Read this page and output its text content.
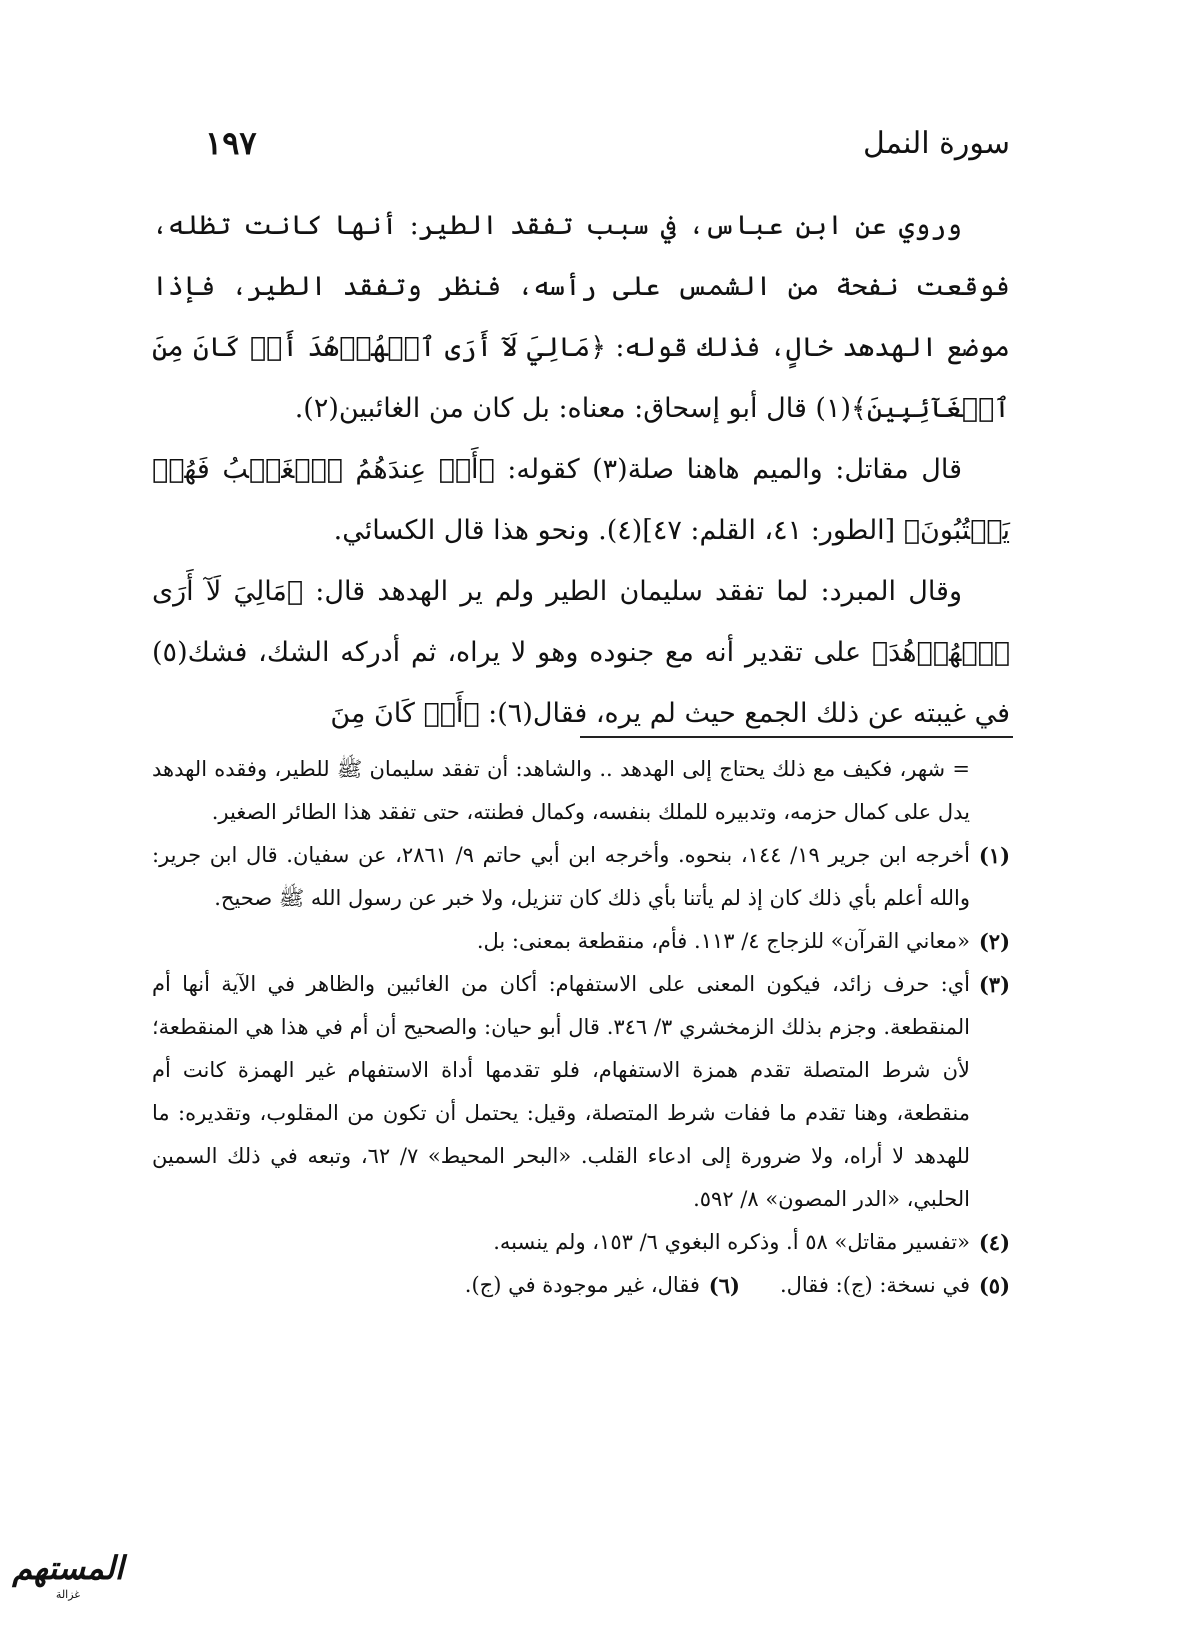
١٩٧	سورة النمل

وروي عن ابن عباس، في سبب تفقد الطير: أنها كانت تظله، فوقعت نفحة من الشمس على رأسه، فنظر وتفقد الطير، فإذا موضع الهدهد خالٍ، فذلك قوله: ﴿مَالِيَ لَآ أَرَى ٱلۡهُدۡهُدَ أَمۡ كَانَ مِنَ ٱلۡغَآئِبِينَ﴾(١) قال أبو إسحاق: معناه: بل كان من الغائبين(٢).

قال مقاتل: والميم هاهنا صلة(٣) كقوله: ﴿أَمۡ عِندَهُمُ ٱلۡغَيۡبُ فَهُمۡ يَكۡتُبُونَ﴾ [الطور: ٤١، القلم: ٤٧](٤). ونحو هذا قال الكسائي.

وقال المبرد: لما تفقد سليمان الطير ولم ير الهدهد قال: ﴿مَالِيَ لَآ أَرَى ٱلۡهُدۡهُدَ﴾ على تقدير أنه مع جنوده وهو لا يراه، ثم أدركه الشك، فشك(٥) في غيبته عن ذلك الجمع حيث لم يره، فقال(٦): ﴿أَمۡ كَانَ مِنَ

= شهر، فكيف مع ذلك يحتاج إلى الهدهد .. والشاهد: أن تفقد سليمان ﷺ للطير، وفقده الهدهد يدل على كمال حزمه، وتدبيره للملك بنفسه، وكمال فطنته، حتى تفقد هذا الطائر الصغير.

(١)
أخرجه ابن جرير ١٩/ ١٤٤، بنحوه. وأخرجه ابن أبي حاتم ٩/ ٢٨٦١، عن سفيان. قال ابن جرير: والله أعلم بأي ذلك كان إذ لم يأتنا بأي ذلك كان تنزيل، ولا خبر عن رسول الله ﷺ صحيح.
(٢)
«معاني القرآن» للزجاج ٤/ ١١٣. فأم، منقطعة بمعنى: بل.
(٣)
أي: حرف زائد، فيكون المعنى على الاستفهام: أكان من الغائبين والظاهر في الآية أنها أم المنقطعة. وجزم بذلك الزمخشري ٣/ ٣٤٦. قال أبو حيان: والصحيح أن أم في هذا هي المنقطعة؛ لأن شرط المتصلة تقدم همزة الاستفهام، فلو تقدمها أداة الاستفهام غير الهمزة كانت أم منقطعة، وهنا تقدم ما ففات شرط المتصلة، وقيل: يحتمل أن تكون من المقلوب، وتقديره: ما للهدهد لا أراه، ولا ضرورة إلى ادعاء القلب. «البحر المحيط» ٧/ ٦٢، وتبعه في ذلك السمين الحلبي، «الدر المصون» ٨/ ٥٩٢.
(٤)
«تفسير مقاتل» ٥٨ أ. وذكره البغوي ٦/ ١٥٣، ولم ينسبه.
(٥)
في نسخة: (ج): فقال.
(٦)
فقال، غير موجودة في (ج).
المستهم
غزالة
